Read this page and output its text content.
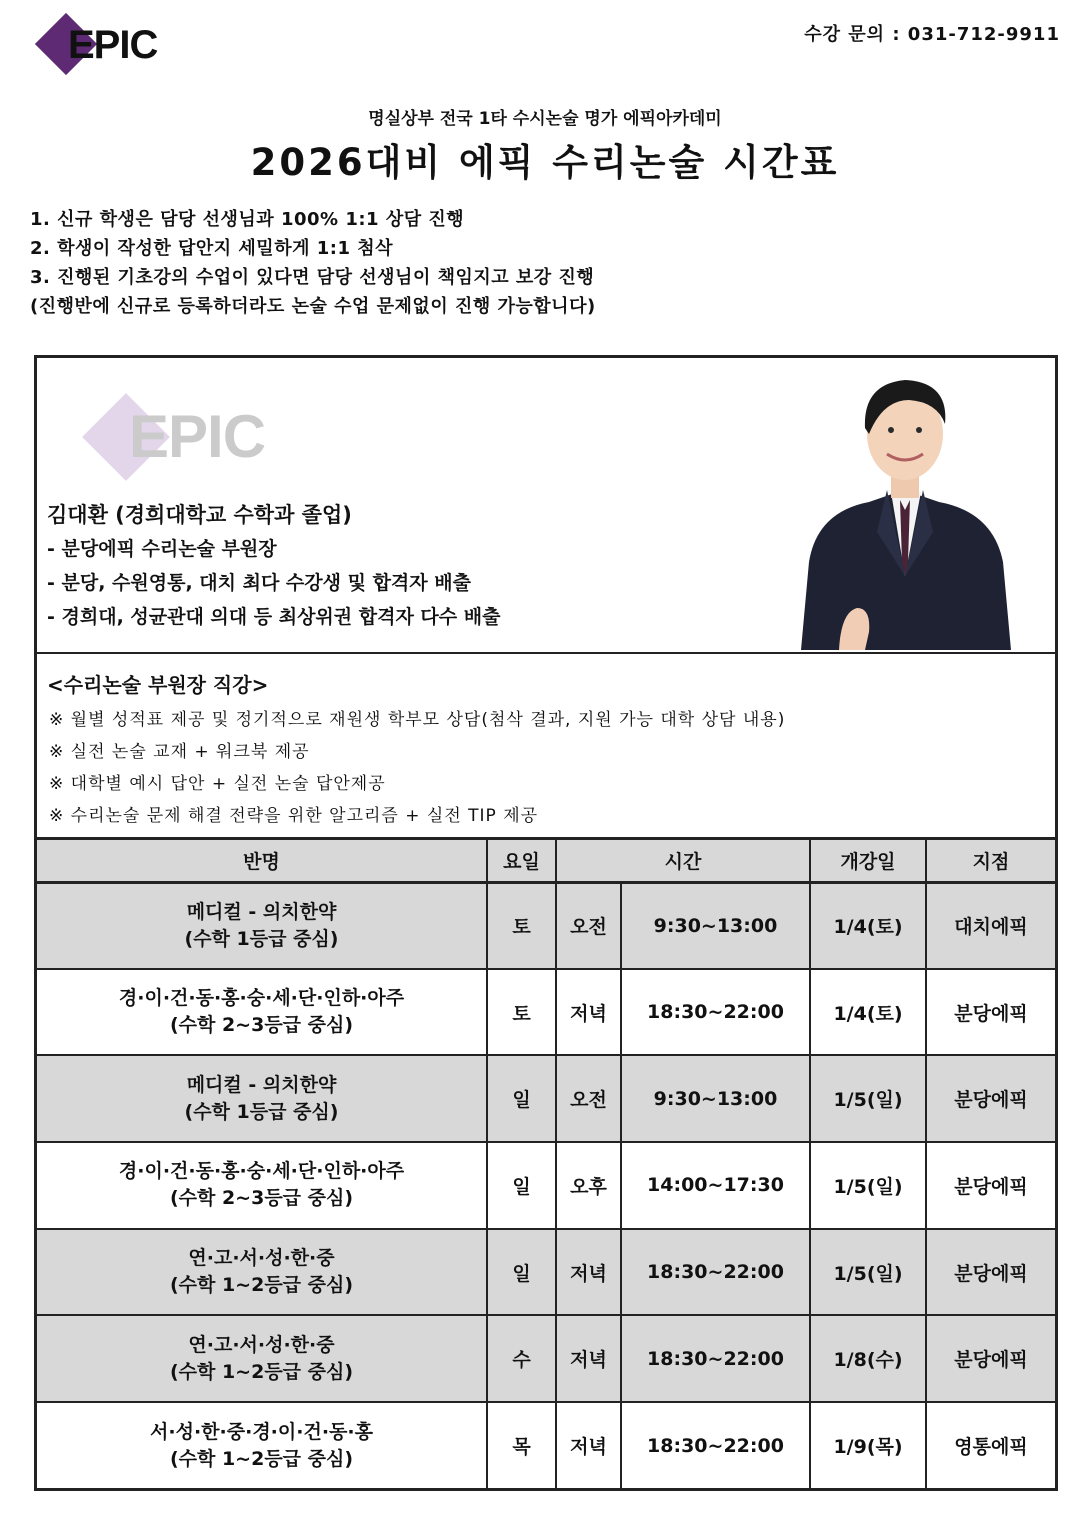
EPIC	수강 문의 : 031-712-9911
명실상부 전국 1타 수시논술 명가 에픽아카데미
2026대비 에픽 수리논술 시간표
1. 신규 학생은 담당 선생님과 100% 1:1 상담 진행
2. 학생이 작성한 답안지 세밀하게 1:1 첨삭
3. 진행된 기초강의 수업이 있다면 담당 선생님이 책임지고 보강 진행
(진행반에 신규로 등록하더라도 논술 수업 문제없이 진행 가능합니다)
EPIC
김대환 (경희대학교 수학과 졸업)
- 분당에픽 수리논술 부원장
- 분당, 수원영통, 대치 최다 수강생 및 합격자 배출
- 경희대, 성균관대 의대 등 최상위권 합격자 다수 배출
<수리논술 부원장 직강>
※ 월별 성적표 제공 및 정기적으로 재원생 학부모 상담(첨삭 결과, 지원 가능 대학 상담 내용)
※ 실전 논술 교재 + 워크북 제공
※ 대학별 예시 답안 + 실전 논술 답안제공
※ 수리논술 문제 해결 전략을 위한 알고리즘 + 실전 TIP 제공
반명	요일	시간		개강일	지점

메디컬 - 의치한약
(수학 1등급 중심)	토	오전	9:30~13:00	1/4(토)	대치에픽

경·이·건·동·홍·숭·세·단·인하·아주
(수학 2~3등급 중심)	토	저녁	18:30~22:00	1/4(토)	분당에픽

메디컬 - 의치한약
(수학 1등급 중심)	일	오전	9:30~13:00	1/5(일)	분당에픽

경·이·건·동·홍·숭·세·단·인하·아주
(수학 2~3등급 중심)	일	오후	14:00~17:30	1/5(일)	분당에픽

연·고·서·성·한·중
(수학 1~2등급 중심)	일	저녁	18:30~22:00	1/5(일)	분당에픽

연·고·서·성·한·중
(수학 1~2등급 중심)	수	저녁	18:30~22:00	1/8(수)	분당에픽

서·성·한·중·경·이·건·동·홍
(수학 1~2등급 중심)	목	저녁	18:30~22:00	1/9(목)	영통에픽
